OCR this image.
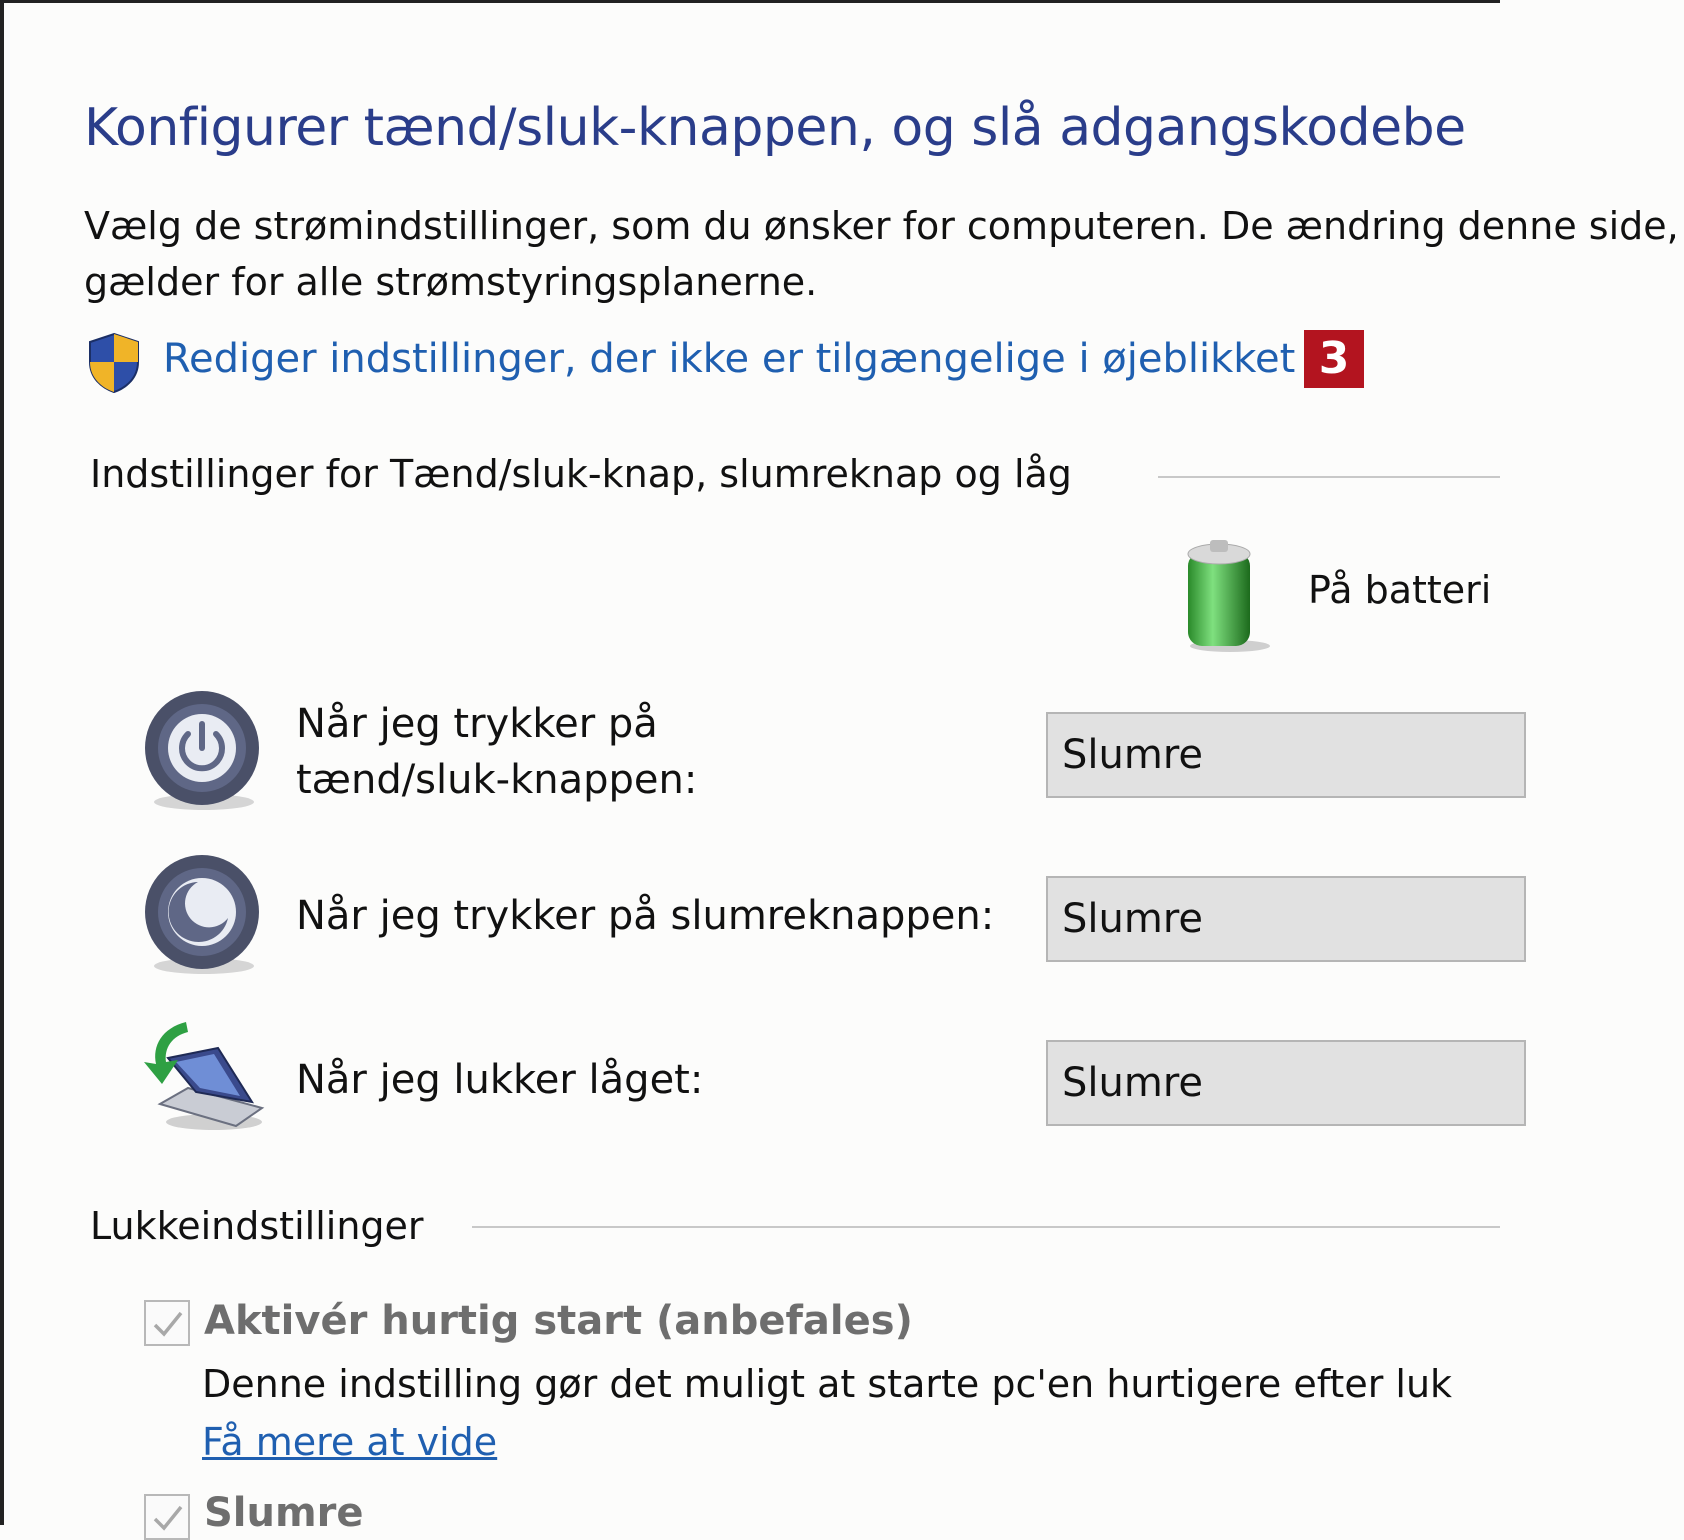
Konfigurer tænd/sluk-knappen, og slå adgangskodebe
Vælg de strømindstillinger, som du ønsker for computeren. De ændring denne side, gælder for alle strømstyringsplanerne.
Rediger indstillinger, der ikke er tilgængelige i øjeblikket 3
Indstillinger for Tænd/sluk-knap, slumreknap og låg
På batteri
Når jeg trykker på tænd/sluk-knappen:
Slumre
Når jeg trykker på slumreknappen:	Slumre
Når jeg lukker låget:	Slumre
Lukkeindstillinger
Aktivér hurtig start (anbefales)
Denne indstilling gør det muligt at starte pc'en hurtigere efter luk
Få mere at vide
Slumre
